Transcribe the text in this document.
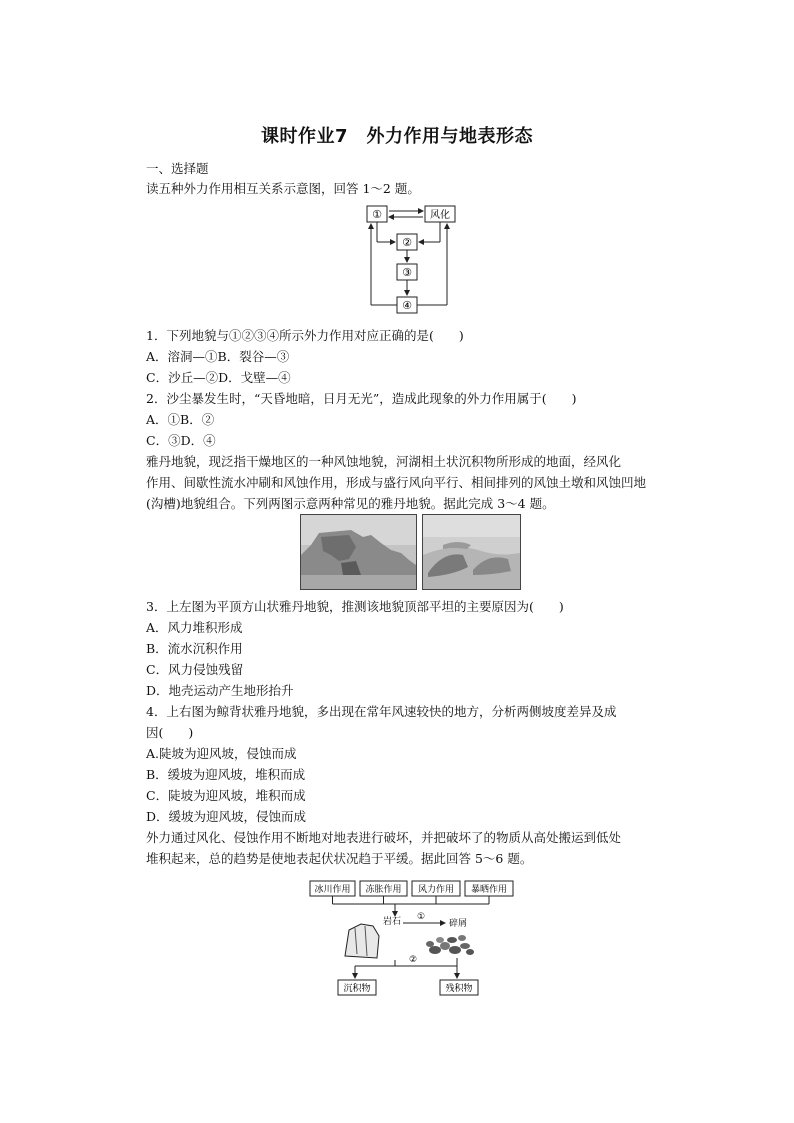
课时作业7　外力作用与地表形态
一、选择题
读五种外力作用相互关系示意图，回答 1～2 题。
①	风化
②
③
④
1．下列地貌与①②③④所示外力作用对应正确的是(　　)
A．溶洞—①B．裂谷—③
C．沙丘—②D．戈壁—④
2．沙尘暴发生时，“天昏地暗，日月无光”，造成此现象的外力作用属于(　　)
A．①B．②
C．③D．④
雅丹地貌，现泛指干燥地区的一种风蚀地貌，河湖相土状沉积物所形成的地面，经风化
作用、间歇性流水冲刷和风蚀作用，形成与盛行风向平行、相间排列的风蚀土墩和风蚀凹地
(沟槽)地貌组合。下列两图示意两种常见的雅丹地貌。据此完成 3～4 题。
3．上左图为平顶方山状雅丹地貌，推测该地貌顶部平坦的主要原因为(　　)
A．风力堆积形成
B．流水沉积作用
C．风力侵蚀残留
D．地壳运动产生地形抬升
4．上右图为鲸背状雅丹地貌，多出现在常年风速较快的地方，分析两侧坡度差异及成
因(　　)
A.陡坡为迎风坡，侵蚀而成
B．缓坡为迎风坡，堆积而成
C．陡坡为迎风坡，堆积而成
D．缓坡为迎风坡，侵蚀而成
外力通过风化、侵蚀作用不断地对地表进行破坏，并把破坏了的物质从高处搬运到低处
堆积起来，总的趋势是使地表起伏状况趋于平缓。据此回答 5～6 题。
冰川作用 冻胀作用 风力作用 暴晒作用
岩石 ①
碎屑
②
沉积物	残积物
